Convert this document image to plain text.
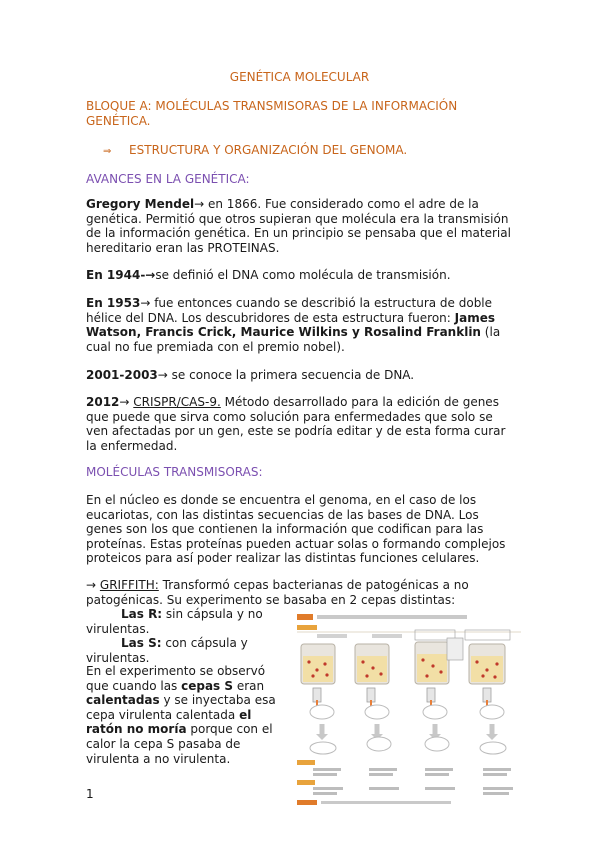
GENÉTICA MOLECULAR

BLOQUE A: MOLÉCULAS TRANSMISORAS DE LA INFORMACIÓN GENÉTICA.

⇒ ESTRUCTURA Y ORGANIZACIÓN DEL GENOMA.

AVANCES EN LA GENÉTICA:

Gregory Mendel→ en 1866. Fue considerado como el adre de la genética. Permitió que otros supieran que molécula era la transmisión de la información genética. En un principio se pensaba que el material hereditario eran las PROTEINAS.

En 1944-→se definió el DNA como molécula de transmisión.

En 1953→ fue entonces cuando se describió la estructura de doble hélice del DNA. Los descubridores de esta estructura fueron: James Watson, Francis Crick, Maurice Wilkins y Rosalind Franklin (la cual no fue premiada con el premio nobel).

2001-2003→ se conoce la primera secuencia de DNA.

2012→ CRISPR/CAS-9. Método desarrollado para la edición de genes que puede que sirva como solución para enfermedades que solo se ven afectadas por un gen, este se podría editar y de esta forma curar la enfermedad.

MOLÉCULAS TRANSMISORAS:

En el núcleo es donde se encuentra el genoma, en el caso de los eucariotas, con las distintas secuencias de las bases de DNA. Los genes son los que contienen la información que codifican para las proteínas. Estas proteínas pueden actuar solas o formando complejos proteicos para así poder realizar las distintas funciones celulares.

→ GRIFFITH: Transformó cepas bacterianas de patogénicas a no patogénicas. Su experimento se basaba en 2 cepas distintas:

Las R: sin cápsula y no virulentas.

Las S: con cápsula y virulentas.

En el experimento se observó que cuando las cepas S eran calentadas y se inyectaba esa cepa virulenta calentada el ratón no moría porque con el calor la cepa S pasaba de virulenta a no virulenta.

1
